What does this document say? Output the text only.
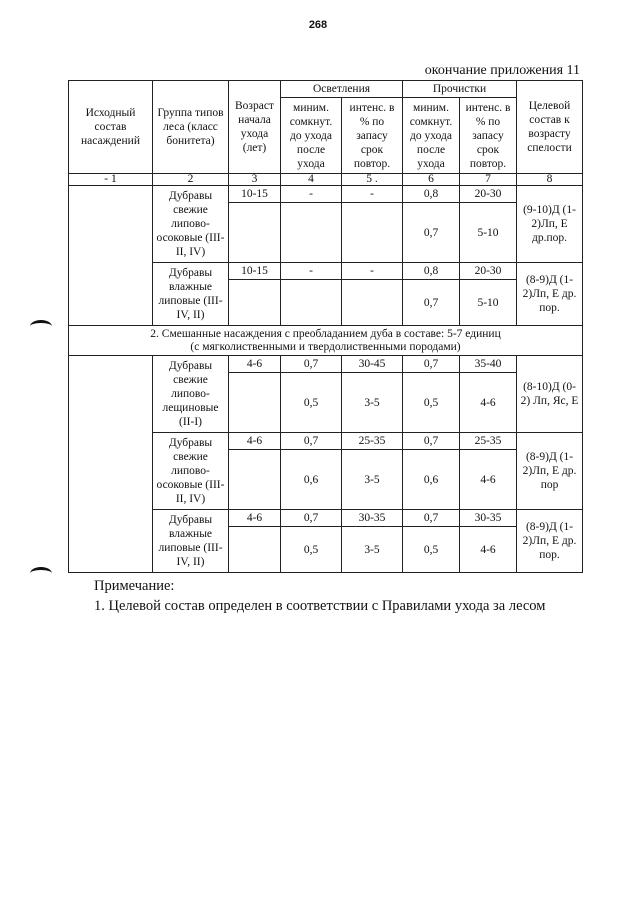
268
окончание приложения 11
Исходный состав насаждений	Группа типов леса (класс бонитета)	Возраст начала ухода (лет)	Осветления		Прочистки		Целевой состав к возрасту спелости
			миним. сомкнут. до ухода после ухода	интенс. в % по запасу срок повтор.	миним. сомкнут. до ухода после ухода	интенс. в % по запасу срок повтор.	
- 1	2	3	4	5 .	6	7	8
	Дубравы свежие липово-осоковые (III-II, IV)	10-15	-	-	0,8	20-30	(9-10)Д (1-2)Лп, Е др.пор.
					0,7	5-10	
	Дубравы влажные липовые (III-IV, II)	10-15	-	-	0,8	20-30	(8-9)Д (1-2)Лп, Е др. пор.
					0,7	5-10	

2. Смешанные насаждения с преобладанием дуба в составе: 5-7 единиц
(с мягколиственными и твердолиственными породами)							

	Дубравы свежие липово-лещиновые (II-I)	4-6	0,7	30-45	0,7	35-40	(8-10)Д (0-2) Лп, Яс, Е
			0,5	3-5	0,5	4-6	
	Дубравы свежие липово-осоковые (III-II, IV)	4-6	0,7	25-35	0,7	25-35	(8-9)Д (1-2)Лп, Е др. пор
			0,6	3-5	0,6	4-6	
	Дубравы влажные липовые (III-IV, II)	4-6	0,7	30-35	0,7	30-35	(8-9)Д (1-2)Лп, Е др. пор.
			0,5	3-5	0,5	4-6	
Примечание:
1. Целевой состав определен в соответствии с Правилами ухода за лесом
